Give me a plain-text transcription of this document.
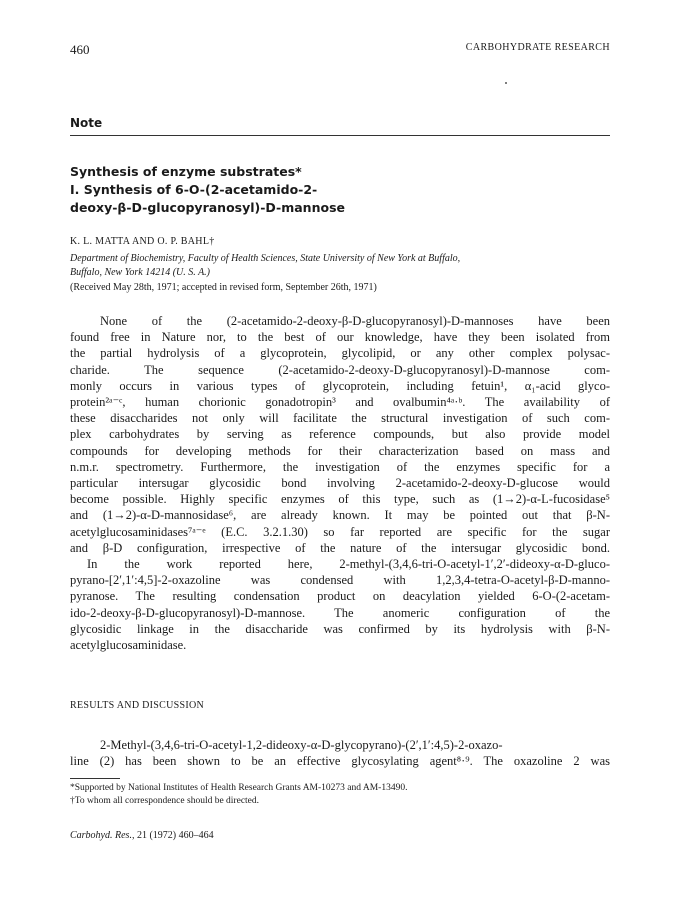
460	CARBOHYDRATE RESEARCH
Note
Synthesis of enzyme substrates*
I. Synthesis of 6-O-(2-acetamido-2-
deoxy-β-D-glucopyranosyl)-D-mannose
K. L. MATTA AND O. P. BAHL†
Department of Biochemistry, Faculty of Health Sciences, State University of New York at Buffalo,
Buffalo, New York 14214 (U. S. A.)
(Received May 28th, 1971; accepted in revised form, September 26th, 1971)
None of the (2-acetamido-2-deoxy-β-D-glucopyranosyl)-D-mannoses have been
found free in Nature nor, to the best of our knowledge, have they been isolated from
the partial hydrolysis of a glycoprotein, glycolipid, or any other complex polysac-
charide. The sequence (2-acetamido-2-deoxy-D-glucopyranosyl)-D-mannose com-
monly occurs in various types of glycoprotein, including fetuin¹, α₁-acid glyco-
protein²ᵃ⁻ᶜ, human chorionic gonadotropin³ and ovalbumin⁴ᵃ·ᵇ. The availability of
these disaccharides not only will facilitate the structural investigation of such com-
plex carbohydrates by serving as reference compounds, but also provide model
compounds for developing methods for their characterization based on mass and
n.m.r. spectrometry. Furthermore, the investigation of the enzymes specific for a
particular intersugar glycosidic bond involving 2-acetamido-2-deoxy-D-glucose would
become possible. Highly specific enzymes of this type, such as (1→2)-α-L-fucosidase⁵
and (1→2)-α-D-mannosidase⁶, are already known. It may be pointed out that β-N-
acetylglucosaminidases⁷ᵃ⁻ᵉ (E.C. 3.2.1.30) so far reported are specific for the sugar
and β-D configuration, irrespective of the nature of the intersugar glycosidic bond.
In the work reported here, 2-methyl-(3,4,6-tri-O-acetyl-1′,2′-dideoxy-α-D-gluco-
pyrano-[2′,1′:4,5]-2-oxazoline was condensed with 1,2,3,4-tetra-O-acetyl-β-D-manno-
pyranose. The resulting condensation product on deacylation yielded 6-O-(2-acetam-
ido-2-deoxy-β-D-glucopyranosyl)-D-mannose. The anomeric configuration of the
glycosidic linkage in the disaccharide was confirmed by its hydrolysis with β-N-
acetylglucosaminidase.
RESULTS AND DISCUSSION
2-Methyl-(3,4,6-tri-O-acetyl-1,2-dideoxy-α-D-glycopyrano)-(2′,1′:4,5)-2-oxazo-
line (2) has been shown to be an effective glycosylating agent⁸·⁹. The oxazoline 2 was
*Supported by National Institutes of Health Research Grants AM-10273 and AM-13490.
†To whom all correspondence should be directed.
Carbohyd. Res., 21 (1972) 460–464
